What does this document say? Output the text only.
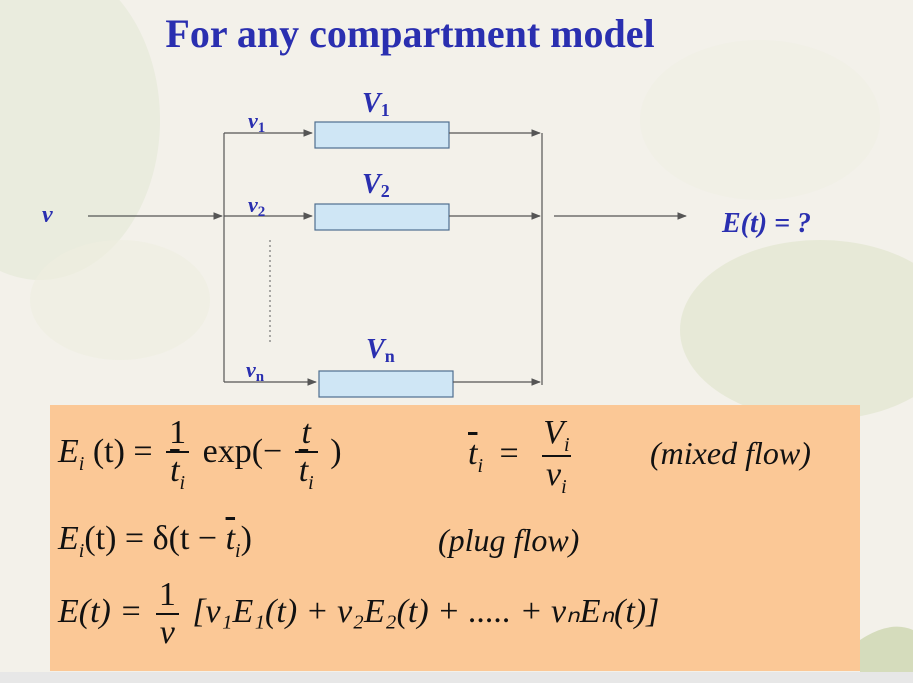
For any compartment model
v
v1
V1
v2
V2
vn
Vn
E(t) = ?
$E_i$ $(t) = \frac{1}{\overline{t}_i} \exp(- \frac{t}{\overline{t}_i}$ )	$\overline{t}_i = \frac{V_i}{v_i}$ (mixed flow)
$E_i(t) = \delta(t - \overline{t}_i)$	(plug flow)
$E(t) = \frac{1}{v} [v_1E_1(t) + v_2E_2(t)$ + ..... + vₙEₙ(t)]
